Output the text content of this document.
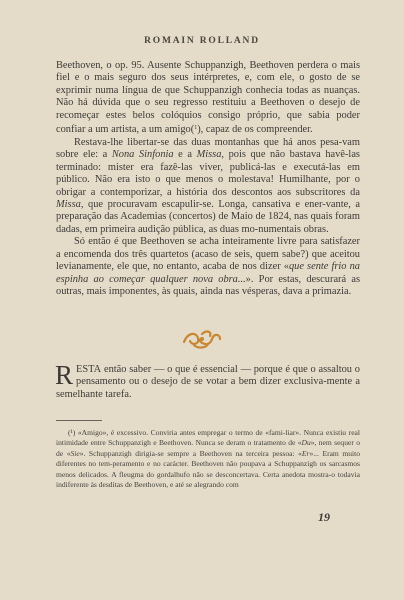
ROMAIN ROLLAND

Beethoven, o op. 95. Ausente Schuppanzigh, Beethoven perdera o mais fiel e o mais seguro dos seus intérpretes, e, com ele, o gosto de se exprimir numa língua de que Schuppanzigh conhecia todas as nuanças. Não há dúvida que o seu regresso restituiu a Beethoven o desejo de recomeçar estes belos colóquios consigo próprio, que sabia poder confiar a um artista, a um amigo($^1$), capaz de os compreender.

Restava-lhe libertar-se das duas montanhas que há anos pesa-vam sobre ele: a Nona Sinfonia e a Missa, pois que não bastava havê-las terminado: mister era fazê-las viver, publicá-las e executá-las em público. Não era isto o que menos o molestava! Humilhante, por o obrigar a contemporizar, a história dos descontos aos subscritores da Missa, que procuravam escapulir-se. Longa, cansativa e ener-vante, a preparação das Academias (concertos) de Maio de 1824, nas quais foram dadas, em primeira audição pública, as duas mo-numentais obras.

Só então é que Beethoven se acha inteiramente livre para satisfazer a encomenda dos três quartetos (acaso de seis, quem sabe?) que aceitou levianamente, ele que, no entanto, acaba de nos dizer «que sente frio na espinha ao começar qualquer nova obra...». Por estas, descurará as outras, mais imponentes, às quais, ainda nas vésperas, dava a primazia.

RESTA então saber — o que é essencial — porque é que o assaltou o pensamento ou o desejo de se votar a bem dizer exclusiva-mente a semelhante tarefa.

(¹) «Amigo», é excessivo. Conviria antes empregar o termo de «fami-liar». Nunca existiu real intimidade entre Schuppanzigh e Beethoven. Nunca se deram o tratamento de «Du», nem sequer o de «Sie». Schuppanzigh dirigia-se sempre a Beethoven na terceira pessoa: «Er»... Eram muito diferentes no tem-peramento e no carácter. Beethoven não poupava a Schuppanzigh os sarcasmos menos delicados. A fleugma do gordalhufo não se desconcertava. Certa anedota mostra-o todavia indiferente às desditas de Beethoven, e até se alegrando com

19
